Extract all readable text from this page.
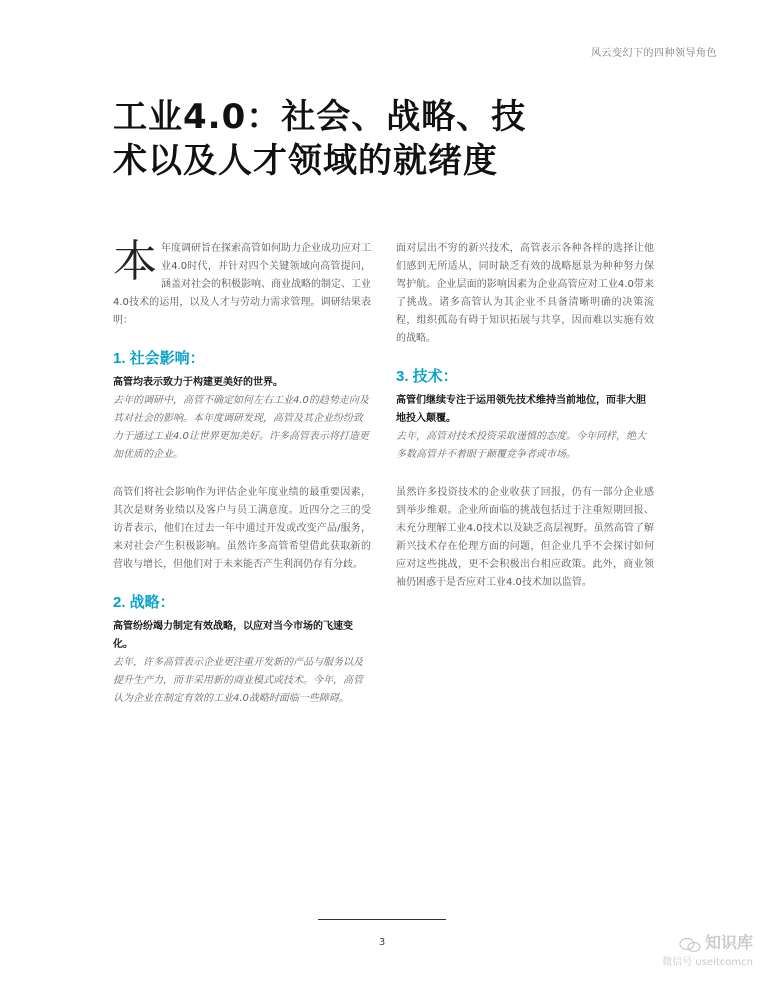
风云变幻下的四种领导角色
工业4.0：社会、战略、技
术以及人才领域的就绪度
本年度调研旨在探索高管如何助力企业成功应对工业4.0时代，并针对四个关键领域向高管提问，涵盖对社会的积极影响、商业战略的制定、工业4.0技术的运用，以及人才与劳动力需求管理。调研结果表明：
1. 社会影响：

高管均表示致力于构建更美好的世界。

去年的调研中，高管不确定如何左右工业4.0的趋势走向及其对社会的影响。本年度调研发现，高管及其企业纷纷致力于通过工业4.0让世界更加美好。许多高管表示将打造更加优质的企业。

高管们将社会影响作为评估企业年度业绩的最重要因素，其次是财务业绩以及客户与员工满意度。近四分之三的受访者表示，他们在过去一年中通过开发或改变产品/服务，来对社会产生积极影响。虽然许多高管希望借此获取新的营收与增长，但他们对于未来能否产生利润仍存有分歧。

2. 战略：

高管纷纷竭力制定有效战略，以应对当今市场的飞速变化。

去年，许多高管表示企业更注重开发新的产品与服务以及提升生产力，而非采用新的商业模式或技术。今年，高管认为企业在制定有效的工业4.0战略时面临一些障碍。

面对层出不穷的新兴技术，高管表示各种各样的选择让他们感到无所适从，同时缺乏有效的战略愿景为种种努力保驾护航。企业层面的影响因素为企业高管应对工业4.0带来了挑战。诸多高管认为其企业不具备清晰明确的决策流程，组织孤岛有碍于知识拓展与共享，因而难以实施有效的战略。

3. 技术：

高管们继续专注于运用领先技术维持当前地位，而非大胆地投入颠覆。

去年，高管对技术投资采取谨慎的态度。今年同样，绝大多数高管并不着眼于颠覆竞争者或市场。

虽然许多投资技术的企业收获了回报，仍有一部分企业感到举步维艰。企业所面临的挑战包括过于注重短期回报、未充分理解工业4.0技术以及缺乏高层视野。虽然高管了解新兴技术存在伦理方面的问题，但企业几乎不会探讨如何应对这些挑战，更不会积极出台相应政策。此外，商业领袖仍困惑于是否应对工业4.0技术加以监管。

3	知识库
微信号 useitcomcn
